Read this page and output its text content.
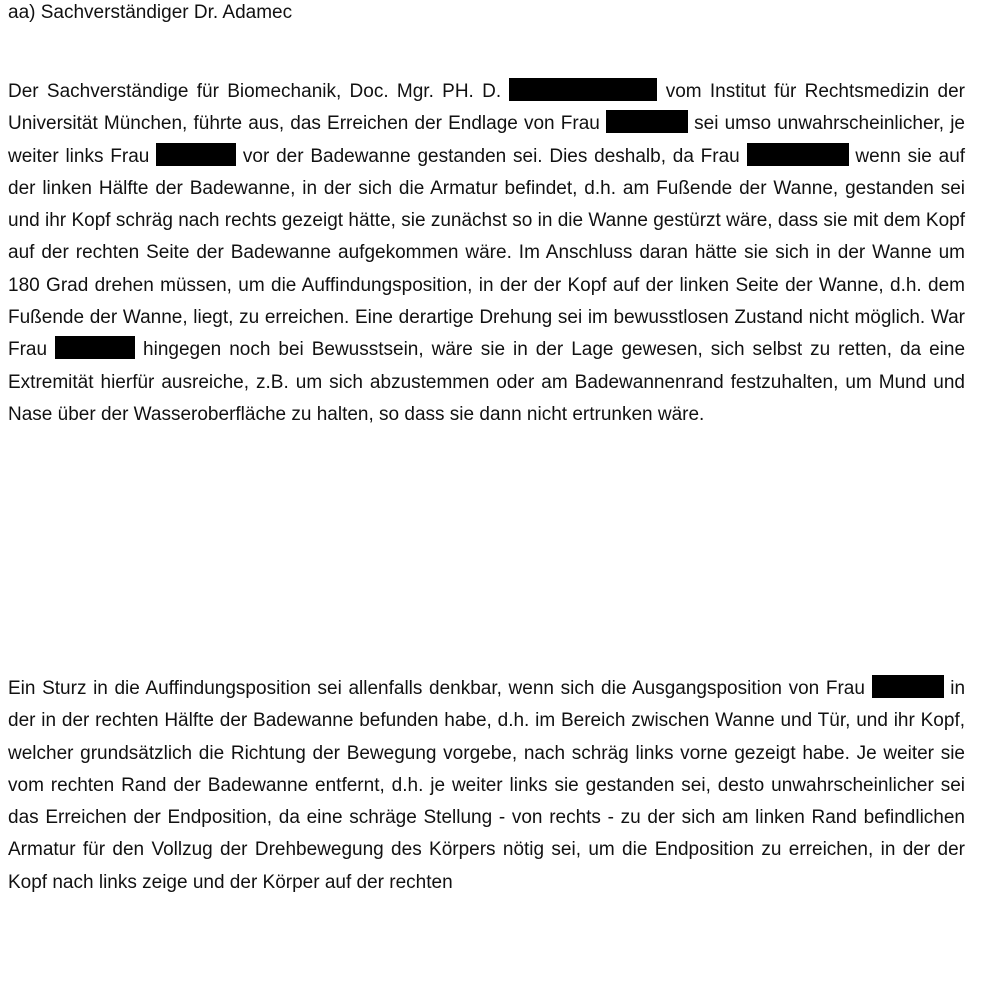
aa) Sachverständiger Dr. Adamec

Der Sachverständige für Biomechanik, Doc. Mgr. PH. D.	vom Institut für Rechtsmedizin der Universität München, führte aus, das Erreichen der Endlage von Frau	sei umso unwahrscheinlicher, je weiter links Frau	vor der Badewanne gestanden sei. Dies deshalb, da Frau	wenn sie auf der linken Hälfte der Badewanne, in der sich die Armatur befindet, d.h. am Fußende der Wanne, gestanden sei und ihr Kopf schräg nach rechts gezeigt hätte, sie zunächst so in die Wanne gestürzt wäre, dass sie mit dem Kopf auf der rechten Seite der Badewanne aufgekommen wäre. Im Anschluss daran hätte sie sich in der Wanne um 180 Grad drehen müssen, um die Auffindungsposition, in der der Kopf auf der linken Seite der Wanne, d.h. dem Fußende der Wanne, liegt, zu erreichen. Eine derartige Drehung sei im bewusstlosen Zustand nicht möglich. War Frau	hingegen noch bei Bewusstsein, wäre sie in der Lage gewesen, sich selbst zu retten, da eine Extremität hierfür ausreiche, z.B. um sich abzustemmen oder am Badewannenrand festzuhalten, um Mund und Nase über der Wasseroberfläche zu halten, so dass sie dann nicht ertrunken wäre.

Ein Sturz in die Auffindungsposition sei allenfalls denkbar, wenn sich die Ausgangsposition von Frau	in der in der rechten Hälfte der Badewanne befunden habe, d.h. im Bereich zwischen Wanne und Tür, und ihr Kopf, welcher grundsätzlich die Richtung der Bewegung vorgebe, nach schräg links vorne gezeigt habe. Je weiter sie vom rechten Rand der Badewanne entfernt, d.h. je weiter links sie gestanden sei, desto unwahrscheinlicher sei das Erreichen der Endposition, da eine schräge Stellung - von rechts - zu der sich am linken Rand befindlichen Armatur für den Vollzug der Drehbewegung des Körpers nötig sei, um die Endposition zu erreichen, in der der Kopf nach links zeige und der Körper auf der rechten
